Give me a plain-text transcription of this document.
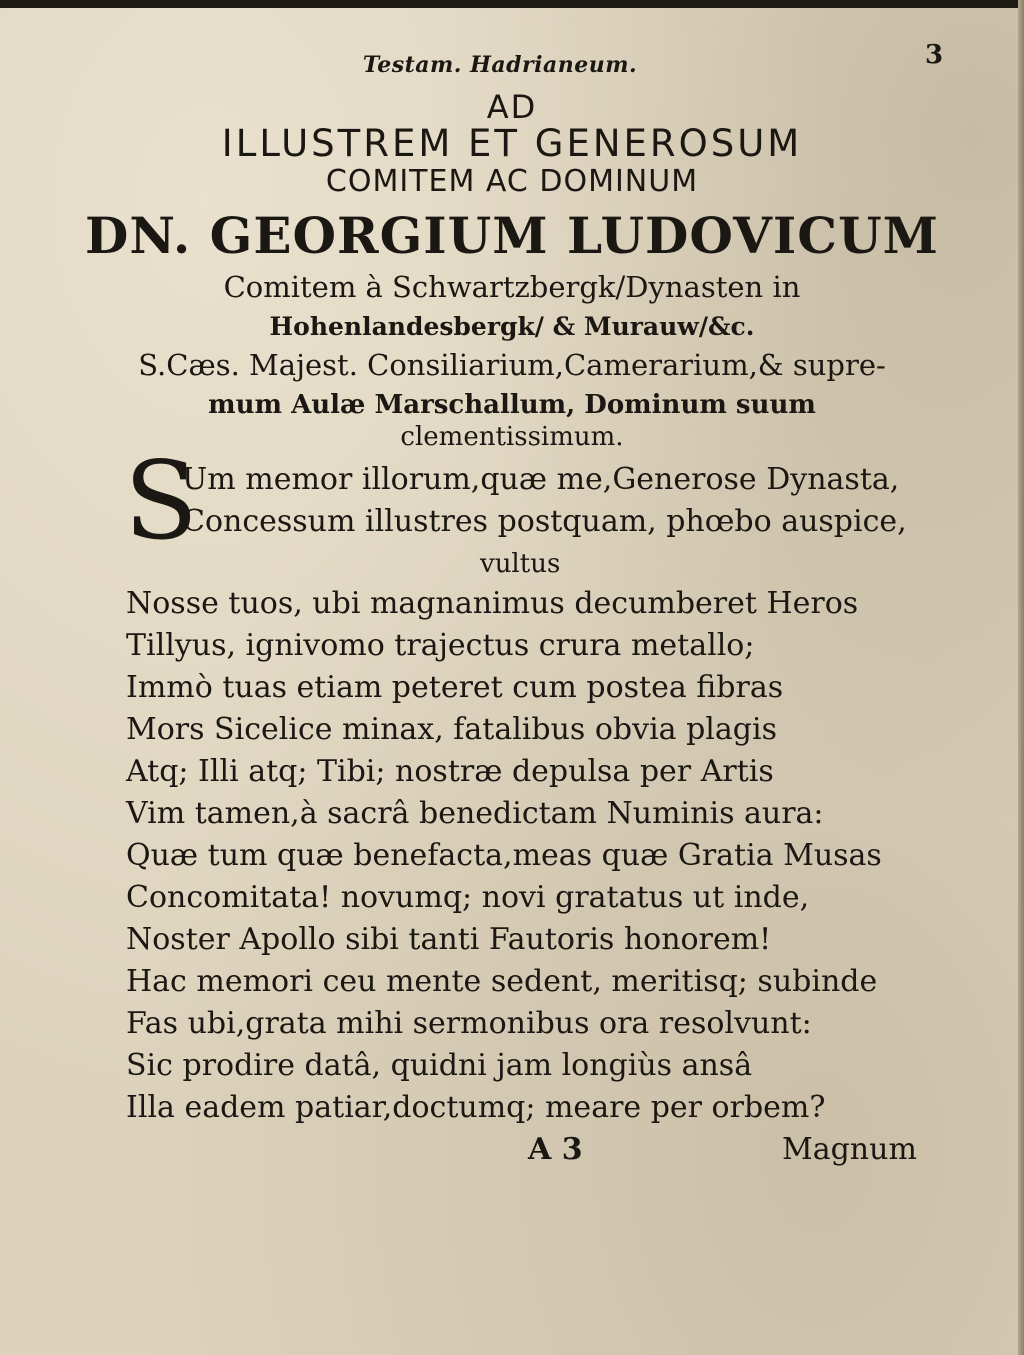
Testam. Hadrianeum.	3
AD
ILLUSTREM ET GENEROSUM
COMITEM AC DOMINUM
DN. GEORGIUM LUDOVICUM
Comitem à Schwartzbergk/Dynasten in
Hohenlandesbergk/ & Murauw/&c.
S.Cæs. Majest. Consiliarium,Camerarium,& supre-
mum Aulæ Marschallum, Dominum suum
clementissimum.
S
Um memor illorum,quæ me,Generose Dynasta,
Concessum illustres postquam, phœbo auspice,
vultus
Nosse tuos, ubi magnanimus decumberet Heros
Tillyus, ignivomo trajectus crura metallo;
Immò tuas etiam peteret cum postea fibras
Mors Sicelice minax, fatalibus obvia plagis
Atq; Illi atq; Tibi; nostræ depulsa per Artis
Vim tamen,à sacrâ benedictam Numinis aura:
Quæ tum quæ benefacta,meas quæ Gratia Musas
Concomitata! novumq; novi gratatus ut inde,
Noster Apollo sibi tanti Fautoris honorem!
Hac memori ceu mente sedent, meritisq; subinde
Fas ubi,grata mihi sermonibus ora resolvunt:
Sic prodire datâ, quidni jam longiùs ansâ
Illa eadem patiar,doctumq; meare per orbem?
A 3	Magnum
